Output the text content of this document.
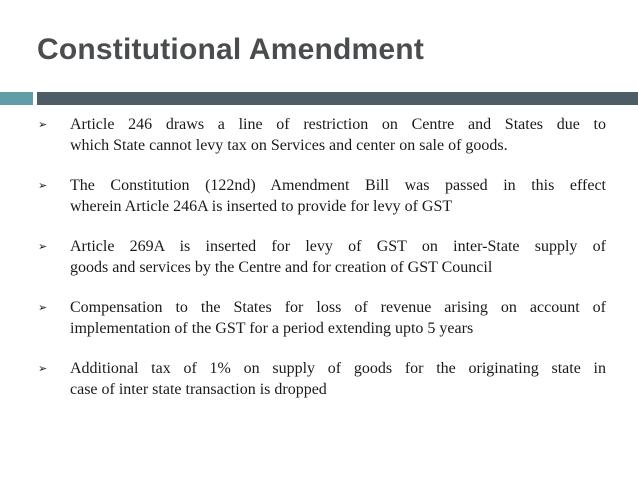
Constitutional Amendment
➢ Article 246 draws a line of restriction on Centre and States due to
which State cannot levy tax on Services and center on sale of goods.
➢ The Constitution (122nd) Amendment Bill was passed in this effect
wherein Article 246A is inserted to provide for levy of GST
➢ Article 269A is inserted for levy of GST on inter-State supply of
goods and services by the Centre and for creation of GST Council
➢ Compensation to the States for loss of revenue arising on account of
implementation of the GST for a period extending upto 5 years
➢ Additional tax of 1% on supply of goods for the originating state in
case of inter state transaction is dropped
